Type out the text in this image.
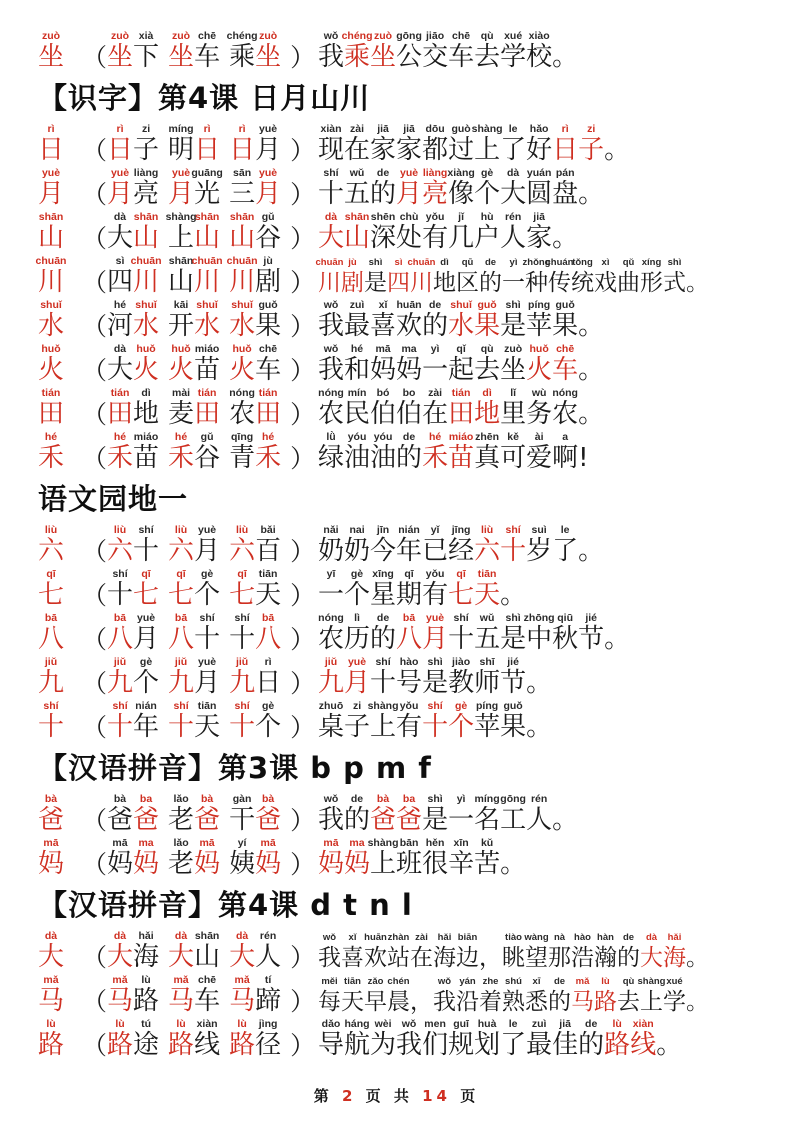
zuò
坐 （
zuò
坐
xià
下
zuò
坐
chē
车
chéng
乘
zuò
坐 ）
wǒ
我
chéng
乘
zuò
坐
gōng
公
jiāo
交
chē
车
qù
去
xué
学
xiào
校 。
【识字】第4课 日月山川
rì
日 （
rì
日
zi
子
míng
明
rì
日
rì
日
yuè
月 ）
xiàn
现
zài
在
jiā
家
jiā
家
dōu
都
guò
过
shàng
上
le
了
hǎo
好
rì
日
zi
子 。
yuè
月 （
yuè
月
liàng
亮
yuè
月
guāng
光
sān
三
yuè
月 ）
shí
十
wǔ
五
de
的
yuè
月
liàng
亮
xiàng
像
gè
个
dà
大
yuán
圆
pán
盘 。
shān
山 （
dà
大
shān
山
shàng
上
shān
山
shān
山
gǔ
谷 ）
dà
大
shān
山
shēn
深
chù
处
yǒu
有
jǐ
几
hù
户
rén
人
jiā
家 。
chuān
川 （
sì
四
chuān
川
shān
山
chuān
川
chuān
川
jù
剧 ）
chuān
川
jù
剧
shì
是
sì
四
chuān
川
dì
地
qū
区
de
的
yì
一
zhǒng
种
chuán
传
tǒng
统
xì
戏
qǔ
曲
xíng
形
shì
式 。
shuǐ
水 （
hé
河
shuǐ
水
kāi
开
shuǐ
水
shuǐ
水
guǒ
果 ）
wǒ
我
zuì
最
xǐ
喜
huān
欢
de
的
shuǐ
水
guǒ
果
shì
是
píng
苹
guǒ
果 。
huǒ
火 （
dà
大
huǒ
火
huǒ
火
miáo
苗
huǒ
火
chē
车 ）
wǒ
我
hé
和
mā
妈
ma
妈
yì
一
qǐ
起
qù
去
zuò
坐
huǒ
火
chē
车 。
tián
田 （
tián
田
dì
地
mài
麦
tián
田
nóng
农
tián
田 ）
nóng
农
mín
民
bó
伯
bo
伯
zài
在
tián
田
dì
地
lǐ
里
wù
务
nóng
农 。
hé
禾 （
hé
禾
miáo
苗
hé
禾
gǔ
谷
qīng
青
hé
禾 ）
lǜ
绿
yóu
油
yóu
油
de
的
hé
禾
miáo
苗
zhēn
真
kě
可
ài
爱
a
啊 !
语文园地一
liù
六 （
liù
六
shí
十
liù
六
yuè
月
liù
六
bǎi
百 ）
nǎi
奶
nai
奶
jīn
今
nián
年
yǐ
已
jīng
经
liù
六
shí
十
suì
岁
le
了 。
qī
七 （
shí
十
qī
七
qī
七
gè
个
qī
七
tiān
天 ）
yī
一
gè
个
xīng
星
qī
期
yǒu
有
qī
七
tiān
天 。
bā
八 （
bā
八
yuè
月
bā
八
shí
十
shí
十
bā
八 ）
nóng
农
lì
历
de
的
bā
八
yuè
月
shí
十
wǔ
五
shì
是
zhōng
中
qiū
秋
jié
节 。
jiǔ
九 （
jiǔ
九
gè
个
jiǔ
九
yuè
月
jiǔ
九
rì
日 ）
jiǔ
九
yuè
月
shí
十
hào
号
shì
是
jiào
教
shī
师
jié
节 。
shí
十 （
shí
十
nián
年
shí
十
tiān
天
shí
十
gè
个 ）
zhuō
桌
zi
子
shàng
上
yǒu
有
shí
十
gè
个
píng
苹
guǒ
果 。
【汉语拼音】第3课 b p m f
bà
爸 （
bà
爸
ba
爸
lǎo
老
bà
爸
gàn
干
bà
爸 ）
wǒ
我
de
的
bà
爸
ba
爸
shì
是
yì
一
míng
名
gōng
工
rén
人 。
mā
妈 （
mā
妈
ma
妈
lǎo
老
mā
妈
yí
姨
mā
妈 ）
mā
妈
ma
妈
shàng
上
bān
班
hěn
很
xīn
辛
kǔ
苦 。
【汉语拼音】第4课 d t n l
dà
大 （
dà
大
hǎi
海
dà
大
shān
山
dà
大
rén
人 ）
wǒ
我
xǐ
喜
huān
欢
zhàn
站
zài
在
hǎi
海
biān
边 ，
tiào
眺
wàng
望
nà
那
hào
浩
hàn
瀚
de
的
dà
大
hǎi
海 。
mǎ
马 （
mǎ
马
lù
路
mǎ
马
chē
车
mǎ
马
tí
蹄 ）
měi
每
tiān
天
zǎo
早
chén
晨 ，
wǒ
我
yán
沿
zhe
着
shú
熟
xī
悉
de
的
mǎ
马
lù
路
qù
去
shàng
上
xué
学 。
lù
路 （
lù
路
tú
途
lù
路
xiàn
线
lù
路
jìng
径 ）
dǎo
导
háng
航
wèi
为
wǒ
我
men
们
guī
规
huà
划
le
了
zuì
最
jiā
佳
de
的
lù
路
xiàn
线 。
第 2 页 共 14 页
